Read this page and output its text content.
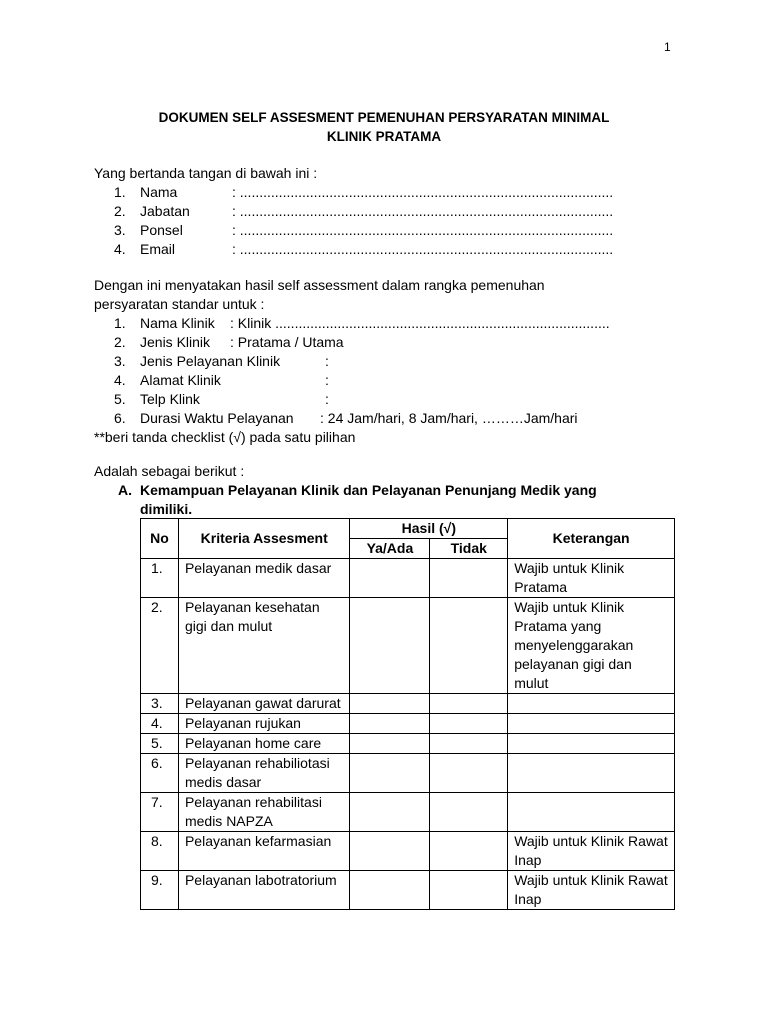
1
DOKUMEN SELF ASSESMENT PEMENUHAN PERSYARATAN MINIMAL
KLINIK PRATAMA
Yang bertanda tangan di bawah ini :
1.	Nama	: ................................................................................................
2.	Jabatan	: ................................................................................................
3.	Ponsel	: ................................................................................................
4.	Email	: ................................................................................................
Dengan ini menyatakan hasil self assessment dalam rangka pemenuhan
persyaratan standar untuk :
1.	Nama Klinik : Klinik ......................................................................................
2.	Jenis Klinik : Pratama / Utama
3.	Jenis Pelayanan Klinik	:
4.	Alamat Klinik	:
5.	Telp Klink	:
6.	Durasi Waktu Pelayanan : 24 Jam/hari, 8 Jam/hari, ………Jam/hari
**beri tanda checklist (√) pada satu pilihan
Adalah sebagai berikut :
A. Kemampuan Pelayanan Klinik dan Pelayanan Penunjang Medik yang
dimiliki.
No	Kriteria Assesment	Hasil (√)		Keterangan
		Ya/Ada	Tidak	
1.	Pelayanan medik dasar			Wajib untuk Klinik Pratama
2.	Pelayanan kesehatan gigi dan mulut			Wajib untuk Klinik Pratama yang menyelenggarakan pelayanan gigi dan mulut
3.	Pelayanan gawat darurat			
4.	Pelayanan rujukan			
5.	Pelayanan home care			
6.	Pelayanan rehabiliotasi medis dasar			
7.	Pelayanan rehabilitasi medis NAPZA			
8.	Pelayanan kefarmasian			Wajib untuk Klinik Rawat Inap
9.	Pelayanan labotratorium			Wajib untuk Klinik Rawat Inap
